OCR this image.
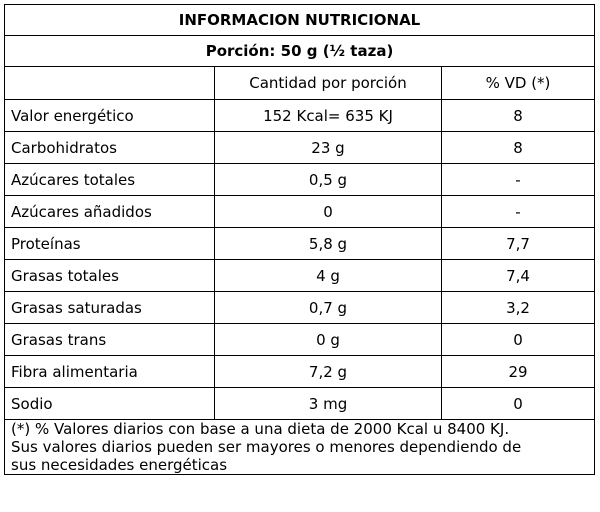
INFORMACION NUTRICIONAL		
Porción: 50 g (½ taza)		
	Cantidad por porción	% VD (*)
Valor energético	152 Kcal= 635 KJ	8
Carbohidratos	23 g	8
Azúcares totales	0,5 g	-
Azúcares añadidos	0	-
Proteínas	5,8 g	7,7
Grasas totales	4 g	7,4
Grasas saturadas	0,7 g	3,2
Grasas trans	0 g	0
Fibra alimentaria	7,2 g	29
Sodio	3 mg	0

(*) % Valores diarios con base a una dieta de 2000 Kcal u 8400 KJ.
Sus valores diarios pueden ser mayores o menores dependiendo de
sus necesidades energéticas		
